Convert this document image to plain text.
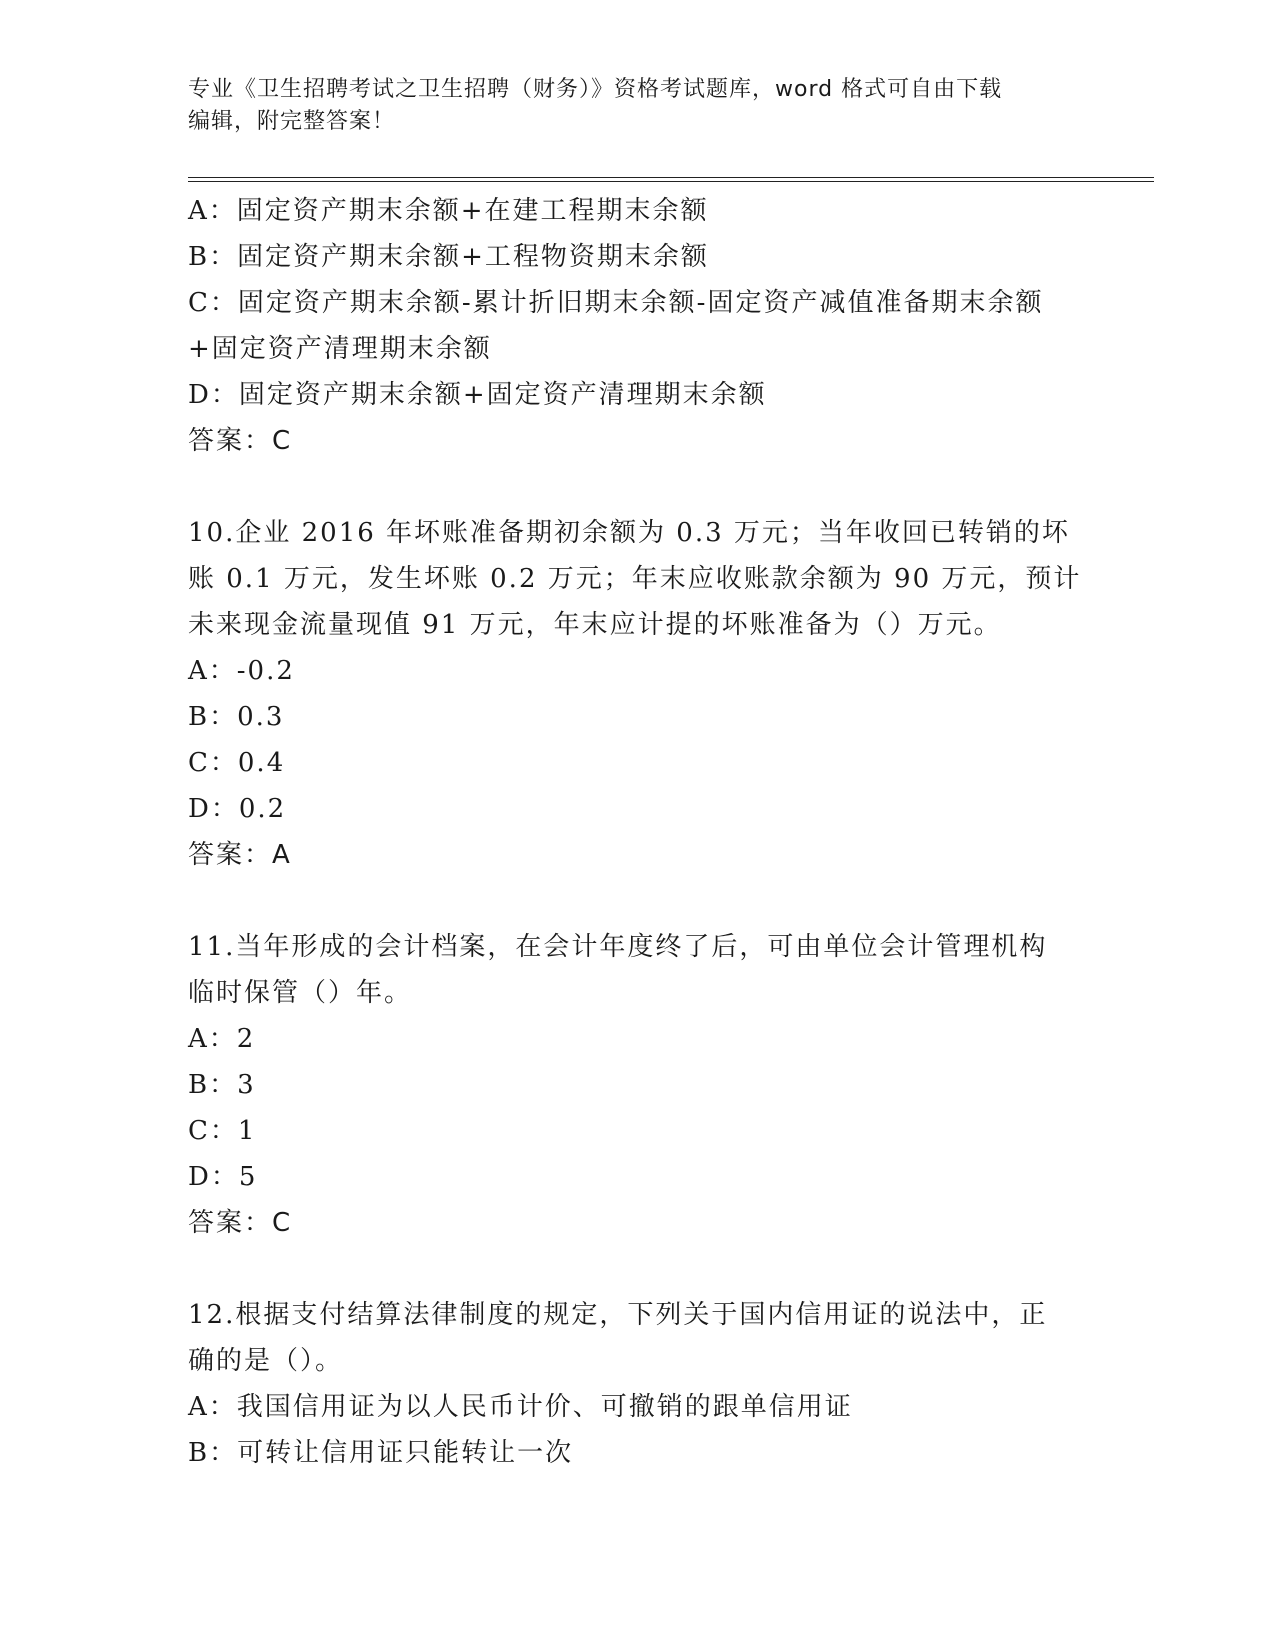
专业《卫生招聘考试之卫生招聘（财务）》资格考试题库，word 格式可自由下载
编辑，附完整答案！
A：固定资产期末余额+在建工程期末余额
B：固定资产期末余额+工程物资期末余额
C：固定资产期末余额-累计折旧期末余额-固定资产减值准备期末余额
+固定资产清理期末余额
D：固定资产期末余额+固定资产清理期末余额
答案：C
10.企业 2016 年坏账准备期初余额为 0.3 万元；当年收回已转销的坏
账 0.1 万元，发生坏账 0.2 万元；年末应收账款余额为 90 万元，预计
未来现金流量现值 91 万元，年末应计提的坏账准备为（）万元。
A：-0.2
B：0.3
C：0.4
D：0.2
答案：A
11.当年形成的会计档案，在会计年度终了后，可由单位会计管理机构
临时保管（）年。
A：2
B：3
C：1
D：5
答案：C
12.根据支付结算法律制度的规定，下列关于国内信用证的说法中，正
确的是（）。
A：我国信用证为以人民币计价、可撤销的跟单信用证
B：可转让信用证只能转让一次
